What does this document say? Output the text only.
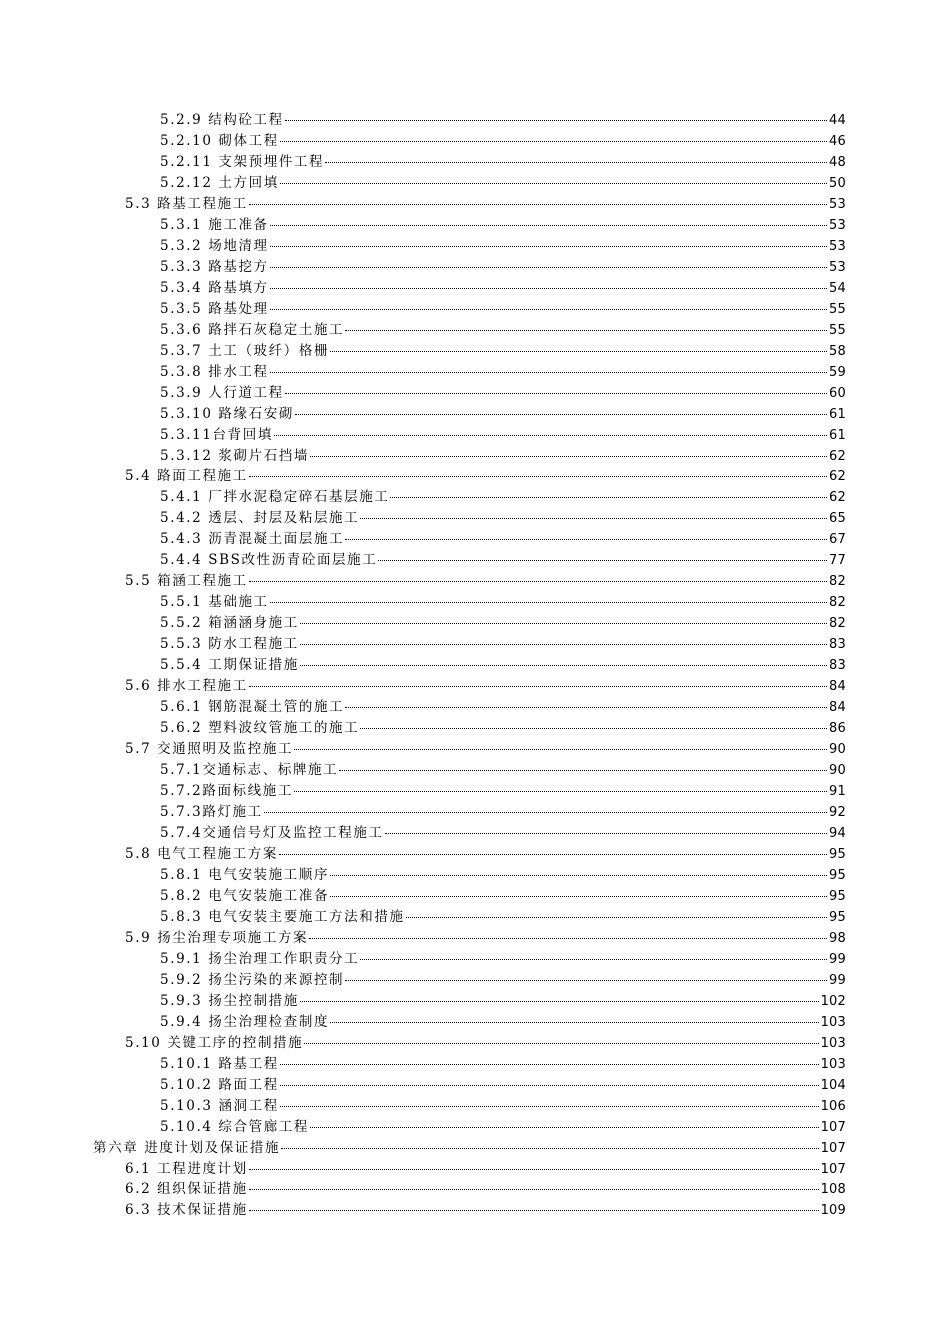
5.2.9 结构砼工程	44
5.2.10 砌体工程	46
5.2.11 支架预埋件工程	48
5.2.12 土方回填	50
5.3 路基工程施工	53
5.3.1 施工准备	53
5.3.2 场地清理	53
5.3.3 路基挖方	53
5.3.4 路基填方	54
5.3.5 路基处理	55
5.3.6 路拌石灰稳定土施工	55
5.3.7 土工（玻纤）格栅	58
5.3.8 排水工程	59
5.3.9 人行道工程	60
5.3.10 路缘石安砌	61
5.3.11台背回填	61
5.3.12 浆砌片石挡墙	62
5.4 路面工程施工	62
5.4.1 厂拌水泥稳定碎石基层施工	62
5.4.2 透层、封层及粘层施工	65
5.4.3 沥青混凝土面层施工	67
5.4.4 SBS改性沥青砼面层施工	77
5.5 箱涵工程施工	82
5.5.1 基础施工	82
5.5.2 箱涵涵身施工	82
5.5.3 防水工程施工	83
5.5.4 工期保证措施	83
5.6 排水工程施工	84
5.6.1 钢筋混凝土管的施工	84
5.6.2 塑料波纹管施工的施工	86
5.7 交通照明及监控施工	90
5.7.1交通标志、标牌施工	90
5.7.2路面标线施工	91
5.7.3路灯施工	92
5.7.4交通信号灯及监控工程施工	94
5.8 电气工程施工方案	95
5.8.1 电气安装施工顺序	95
5.8.2 电气安装施工准备	95
5.8.3 电气安装主要施工方法和措施	95
5.9 扬尘治理专项施工方案	98
5.9.1 扬尘治理工作职责分工	99
5.9.2 扬尘污染的来源控制	99
5.9.3 扬尘控制措施	102
5.9.4 扬尘治理检查制度	103
5.10 关键工序的控制措施	103
5.10.1 路基工程	103
5.10.2 路面工程	104
5.10.3 涵洞工程	106
5.10.4 综合管廊工程	107
第六章 进度计划及保证措施	107
6.1 工程进度计划	107
6.2 组织保证措施	108
6.3 技术保证措施	109
